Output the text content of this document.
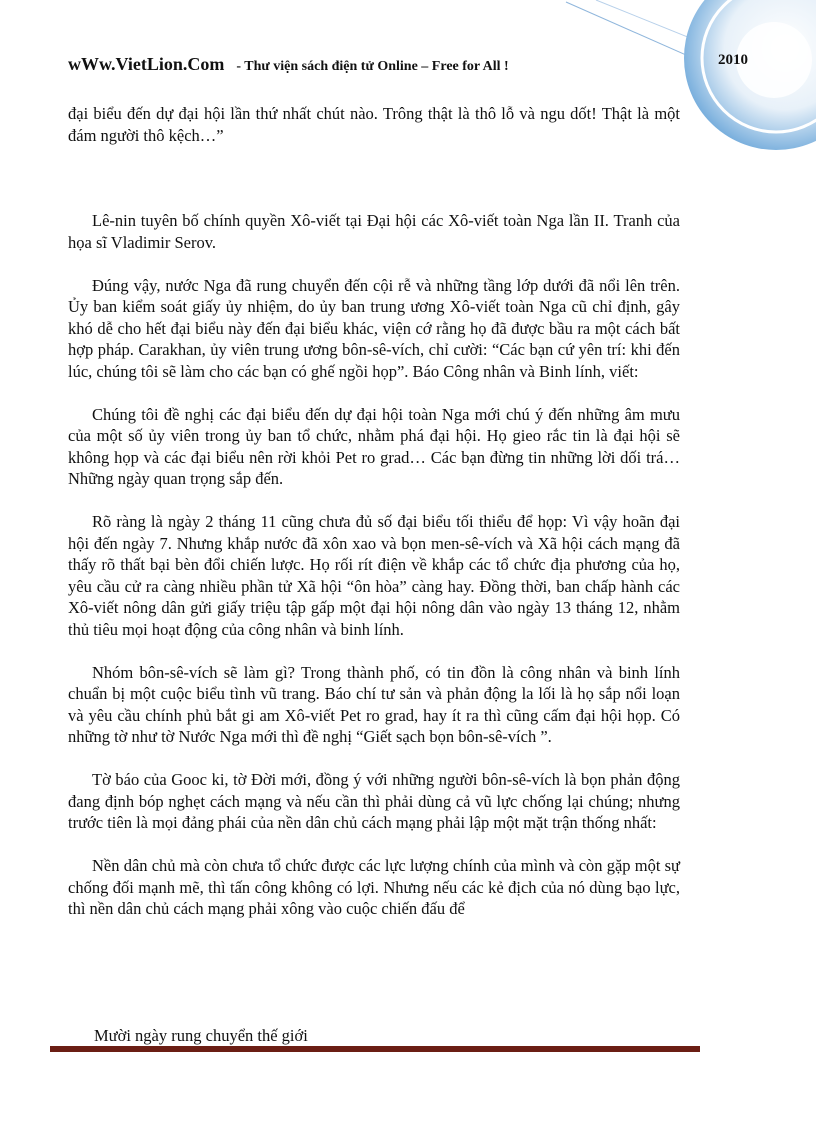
wWw.VietLion.Com - Thư viện sách điện tử Online – Free for All !	2010

đại biểu đến dự đại hội lần thứ nhất chút nào. Trông thật là thô lỗ và ngu dốt! Thật là một đám người thô kệch…”

Lê-nin tuyên bố chính quyền Xô-viết tại Đại hội các Xô-viết toàn Nga lần II. Tranh của họa sĩ Vladimir Serov.

Đúng vậy, nước Nga đã rung chuyển đến cội rễ và những tầng lớp dưới đã nổi lên trên. Ủy ban kiểm soát giấy ủy nhiệm, do ủy ban trung ương Xô-viết toàn Nga cũ chỉ định, gây khó dễ cho hết đại biểu này đến đại biểu khác, viện cớ rằng họ đã được bầu ra một cách bất hợp pháp. Carakhan, ủy viên trung ương bôn-sê-vích, chỉ cười: “Các bạn cứ yên trí: khi đến lúc, chúng tôi sẽ làm cho các bạn có ghế ngồi họp”. Báo Công nhân và Binh lính, viết:

Chúng tôi đề nghị các đại biểu đến dự đại hội toàn Nga mới chú ý đến những âm mưu của một số ủy viên trong ủy ban tổ chức, nhằm phá đại hội. Họ gieo rắc tin là đại hội sẽ không họp và các đại biểu nên rời khỏi Pet ro grad… Các bạn đừng tin những lời dối trá… Những ngày quan trọng sắp đến.

Rõ ràng là ngày 2 tháng 11 cũng chưa đủ số đại biểu tối thiểu để họp: Vì vậy hoãn đại hội đến ngày 7. Nhưng khắp nước đã xôn xao và bọn men-sê-vích và Xã hội cách mạng đã thấy rõ thất bại bèn đổi chiến lược. Họ rối rít điện về khắp các tổ chức địa phương của họ, yêu cầu cử ra càng nhiều phần tử Xã hội “ôn hòa” càng hay. Đồng thời, ban chấp hành các Xô-viết nông dân gửi giấy triệu tập gấp một đại hội nông dân vào ngày 13 tháng 12, nhằm thủ tiêu mọi hoạt động của công nhân và binh lính.

Nhóm bôn-sê-vích sẽ làm gì? Trong thành phố, có tin đồn là công nhân và binh lính chuẩn bị một cuộc biểu tình vũ trang. Báo chí tư sản và phản động la lối là họ sắp nổi loạn và yêu cầu chính phủ bắt gi am Xô-viết Pet ro grad, hay ít ra thì cũng cấm đại hội họp. Có những tờ như tờ Nước Nga mới thì đề nghị “Giết sạch bọn bôn-sê-vích ”.

Tờ báo của Gooc ki, tờ Đời mới, đồng ý với những người bôn-sê-vích là bọn phản động đang định bóp nghẹt cách mạng và nếu cần thì phải dùng cả vũ lực chống lại chúng; nhưng trước tiên là mọi đảng phái của nền dân chủ cách mạng phải lập một mặt trận thống nhất:

Nền dân chủ mà còn chưa tổ chức được các lực lượng chính của mình và còn gặp một sự chống đối mạnh mẽ, thì tấn công không có lợi. Nhưng nếu các kẻ địch của nó dùng bạo lực, thì nền dân chủ cách mạng phải xông vào cuộc chiến đấu để

Mười ngày rung chuyển thế giới
